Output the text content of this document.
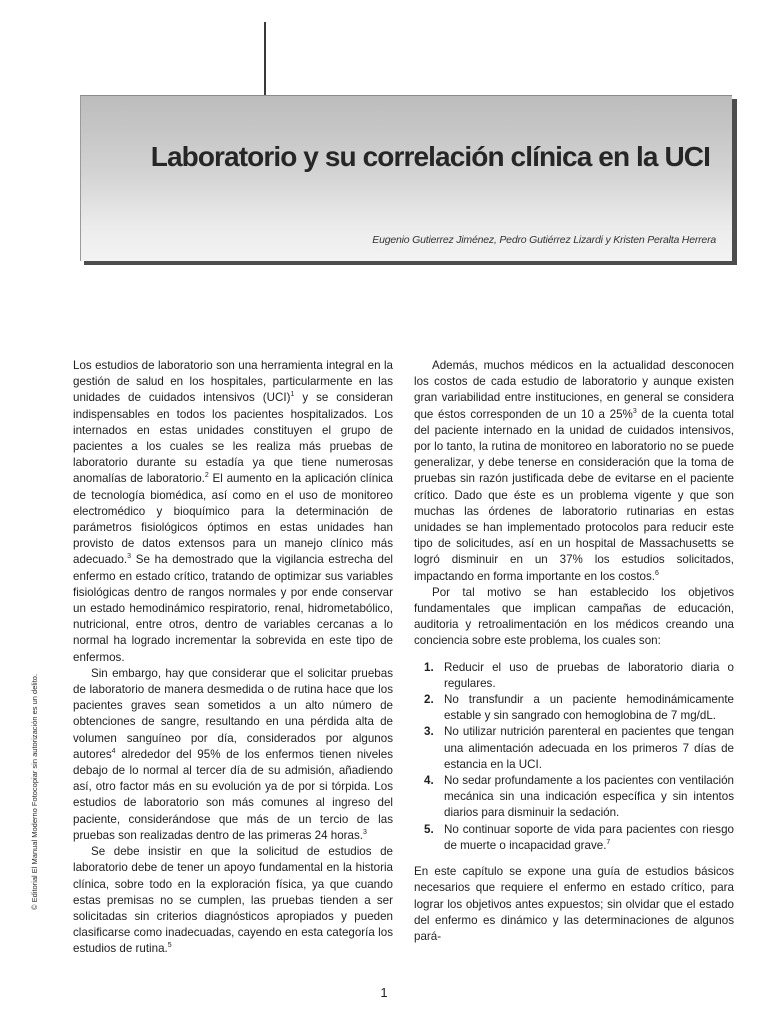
Laboratorio y su correlación clínica en la UCI
Eugenio Gutierrez Jiménez, Pedro Gutiérrez Lizardi y Kristen Peralta Herrera

Los estudios de laboratorio son una herramienta integral en la gestión de salud en los hospitales, particularmente en las unidades de cuidados intensivos (UCI)$^1$ y se consideran indispensables en todos los pacientes hospitalizados. Los internados en estas unidades constituyen el grupo de pacientes a los cuales se les realiza más pruebas de laboratorio durante su estadía ya que tiene numerosas anomalías de laboratorio.$^2$ El aumento en la aplicación clínica de tecnología biomédica, así como en el uso de monitoreo electromédico y bioquímico para la determinación de parámetros fisiológicos óptimos en estas unidades han provisto de datos extensos para un manejo clínico más adecuado.$^3$ Se ha demostrado que la vigilancia estrecha del enfermo en estado crítico, tratando de optimizar sus variables fisiológicas dentro de rangos normales y por ende conservar un estado hemodinámico respiratorio, renal, hidrometabólico, nutricional, entre otros, dentro de variables cercanas a lo normal ha logrado incrementar la sobrevida en este tipo de enfermos.

Sin embargo, hay que considerar que el solicitar pruebas de laboratorio de manera desmedida o de rutina hace que los pacientes graves sean sometidos a un alto número de obtenciones de sangre, resultando en una pérdida alta de volumen sanguíneo por día, considerados por algunos autores$^4$ alrededor del 95% de los enfermos tienen niveles debajo de lo normal al tercer día de su admisión, añadiendo así, otro factor más en su evolución ya de por si tórpida. Los estudios de laboratorio son más comunes al ingreso del paciente, considerándose que más de un tercio de las pruebas son realizadas dentro de las primeras 24 horas.$^3$

Se debe insistir en que la solicitud de estudios de laboratorio debe de tener un apoyo fundamental en la historia clínica, sobre todo en la exploración física, ya que cuando estas premisas no se cumplen, las pruebas tienden a ser solicitadas sin criterios diagnósticos apropiados y pueden clasificarse como inadecuadas, cayendo en esta categoría los estudios de rutina.$^5$

Además, muchos médicos en la actualidad desconocen los costos de cada estudio de laboratorio y aunque existen gran variabilidad entre instituciones, en general se considera que éstos corresponden de un 10 a 25%$^3$ de la cuenta total del paciente internado en la unidad de cuidados intensivos, por lo tanto, la rutina de monitoreo en laboratorio no se puede generalizar, y debe tenerse en consideración que la toma de pruebas sin razón justificada debe de evitarse en el paciente crítico. Dado que éste es un problema vigente y que son muchas las órdenes de laboratorio rutinarias en estas unidades se han implementado protocolos para reducir este tipo de solicitudes, así en un hospital de Massachusetts se logró disminuir en un 37% los estudios solicitados, impactando en forma importante en los costos.$^6$

Por tal motivo se han establecido los objetivos fundamentales que implican campañas de educación, auditoria y retroalimentación en los médicos creando una conciencia sobre este problema, los cuales son:

1. Reducir el uso de pruebas de laboratorio diaria o regulares.
2. No transfundir a un paciente hemodinámicamente estable y sin sangrado con hemoglobina de 7 mg/dL.
3. No utilizar nutrición parenteral en pacientes que tengan una alimentación adecuada en los primeros 7 días de estancia en la UCI.
4. No sedar profundamente a los pacientes con ventilación mecánica sin una indicación específica y sin intentos diarios para disminuir la sedación.
5. No continuar soporte de vida para pacientes con riesgo de muerte o incapacidad grave.$^7$

En este capítulo se expone una guía de estudios básicos necesarios que requiere el enfermo en estado crítico, para lograr los objetivos antes expuestos; sin olvidar que el estado del enfermo es dinámico y las determinaciones de algunos pará-

© Editorial El Manual Moderno Fotocopiar sin autorización es un delito.
1
